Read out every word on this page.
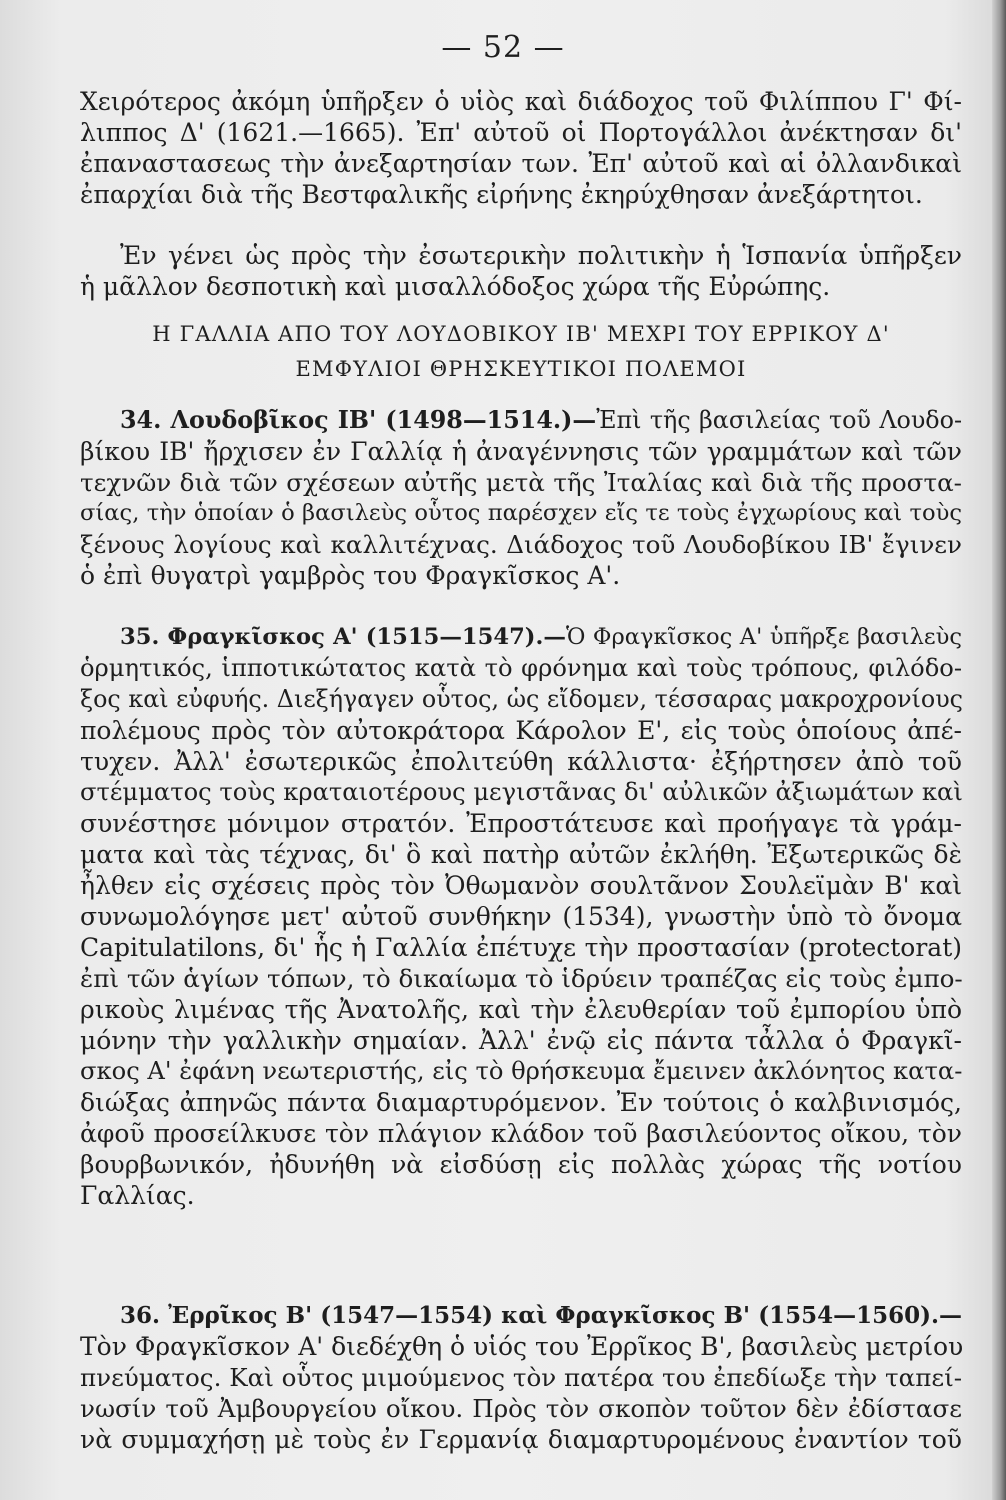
— 52 —
Χειρότερος ἀκόμη ὑπῆρξεν ὁ υἱὸς καὶ διάδοχος τοῦ Φιλίππου Γ' Φί-
λιππος Δ' (1621.—1665). Ἐπ' αὐτοῦ οἱ Πορτογάλλοι ἀνέκτησαν δι'
ἐπαναστασεως τὴν ἀνεξαρτησίαν των. Ἐπ' αὐτοῦ καὶ αἱ ὀλλανδικαὶ
ἐπαρχίαι διὰ τῆς Βεστφαλικῆς εἰρήνης ἐκηρύχθησαν ἀνεξάρτητοι.
Ἐν γένει ὡς πρὸς τὴν ἐσωτερικὴν πολιτικὴν ἡ Ἱσπανία ὑπῆρξεν
ἡ μᾶλλον δεσποτικὴ καὶ μισαλλόδοξος χώρα τῆς Εὐρώπης.
Η ΓΑΛΛΙΑ ΑΠΟ ΤΟΥ ΛΟΥΔΟΒΙΚΟΥ ΙΒ' ΜΕΧΡΙ ΤΟΥ ΕΡΡΙΚΟΥ Δ'
ΕΜΦΥΛΙΟΙ ΘΡΗΣΚΕΥΤΙΚΟΙ ΠΟΛΕΜΟΙ
34. Λουδοβῖκος ΙΒ' (1498—1514.)—Ἐπὶ τῆς βασιλείας τοῦ Λουδο-
βίκου ΙΒ' ἤρχισεν ἐν Γαλλίᾳ ἡ ἀναγέννησις τῶν γραμμάτων καὶ τῶν
τεχνῶν διὰ τῶν σχέσεων αὐτῆς μετὰ τῆς Ἰταλίας καὶ διὰ τῆς προστα-
σίας, τὴν ὁποίαν ὁ βασιλεὺς οὗτος παρέσχεν εἴς τε τοὺς ἐγχωρίους καὶ τοὺς
ξένους λογίους καὶ καλλιτέχνας. Διάδοχος τοῦ Λουδοβίκου ΙΒ' ἔγινεν
ὁ ἐπὶ θυγατρὶ γαμβρὸς του Φραγκῖσκος Α'.
35. Φραγκῖσκος Α' (1515—1547).—Ὁ Φραγκῖσκος Α' ὑπῆρξε βασιλεὺς
ὁρμητικός, ἱπποτικώτατος κατὰ τὸ φρόνημα καὶ τοὺς τρόπους, φιλόδο-
ξος καὶ εὐφυής. Διεξήγαγεν οὗτος, ὡς εἴδομεν, τέσσαρας μακροχρονίους
πολέμους πρὸς τὸν αὐτοκράτορα Κάρολον Ε', εἰς τοὺς ὁποίους ἀπέ-
τυχεν. Ἀλλ' ἐσωτερικῶς ἐπολιτεύθη κάλλιστα· ἐξήρτησεν ἀπὸ τοῦ
στέμματος τοὺς κραταιοτέρους μεγιστᾶνας δι' αὐλικῶν ἀξιωμάτων καὶ
συνέστησε μόνιμον στρατόν. Ἐπροστάτευσε καὶ προήγαγε τὰ γράμ-
ματα καὶ τὰς τέχνας, δι' ὃ καὶ πατὴρ αὐτῶν ἐκλήθη. Ἐξωτερικῶς δὲ
ἦλθεν εἰς σχέσεις πρὸς τὸν Ὀθωμανὸν σουλτᾶνον Σουλεϊμὰν Β' καὶ
συνωμολόγησε μετ' αὐτοῦ συνθήκην (1534), γνωστὴν ὑπὸ τὸ ὄνομα
Capitulatilons, δι' ἧς ἡ Γαλλία ἐπέτυχε τὴν προστασίαν (protectorat)
ἐπὶ τῶν ἁγίων τόπων, τὸ δικαίωμα τὸ ἱδρύειν τραπέζας εἰς τοὺς ἐμπο-
ρικοὺς λιμένας τῆς Ἀνατολῆς, καὶ τὴν ἐλευθερίαν τοῦ ἐμπορίου ὑπὸ
μόνην τὴν γαλλικὴν σημαίαν. Ἀλλ' ἐνῷ εἰς πάντα τἆλλα ὁ Φραγκῖ-
σκος Α' ἐφάνη νεωτεριστής, εἰς τὸ θρήσκευμα ἔμεινεν ἀκλόνητος κατα-
διώξας ἀπηνῶς πάντα διαμαρτυρόμενον. Ἐν τούτοις ὁ καλβινισμός,
ἀφοῦ προσείλκυσε τὸν πλάγιον κλάδον τοῦ βασιλεύοντος οἴκου, τὸν
βουρβωνικόν, ἠδυνήθη νὰ εἰσδύσῃ εἰς πολλὰς χώρας τῆς νοτίου
Γαλλίας.
36. Ἐρρῖκος Β' (1547—1554) καὶ Φραγκῖσκος Β' (1554—1560).—
Τὸν Φραγκῖσκον Α' διεδέχθη ὁ υἱός του Ἐρρῖκος Β', βασιλεὺς μετρίου
πνεύματος. Καὶ οὗτος μιμούμενος τὸν πατέρα του ἐπεδίωξε τὴν ταπεί-
νωσίν τοῦ Ἀμβουργείου οἴκου. Πρὸς τὸν σκοπὸν τοῦτον δὲν ἐδίστασε
νὰ συμμαχήσῃ μὲ τοὺς ἐν Γερμανίᾳ διαμαρτυρομένους ἐναντίον τοῦ
